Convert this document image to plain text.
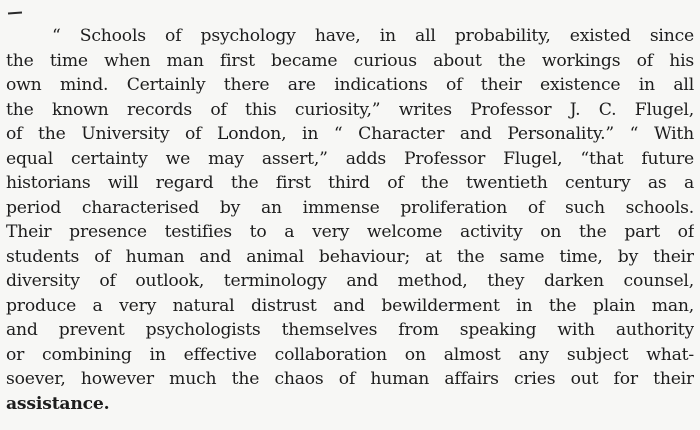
“ Schools of psychology have, in all probability, existed since
the time when man first became curious about the workings of his
own mind. Certainly there are indications of their existence in all
the known records of this curiosity,” writes Professor J. C. Flugel,
of the University of London, in “ Character and Personality.” “ With
equal certainty we may assert,” adds Professor Flugel, “that future
historians will regard the first third of the twentieth century as a
period characterised by an immense proliferation of such schools.
Their presence testifies to a very welcome activity on the part of
students of human and animal behaviour; at the same time, by their
diversity of outlook, terminology and method, they darken counsel,
produce a very natural distrust and bewilderment in the plain man,
and prevent psychologists themselves from speaking with authority
or combining in effective collaboration on almost any subject what-
soever, however much the chaos of human affairs cries out for their
assistance.
